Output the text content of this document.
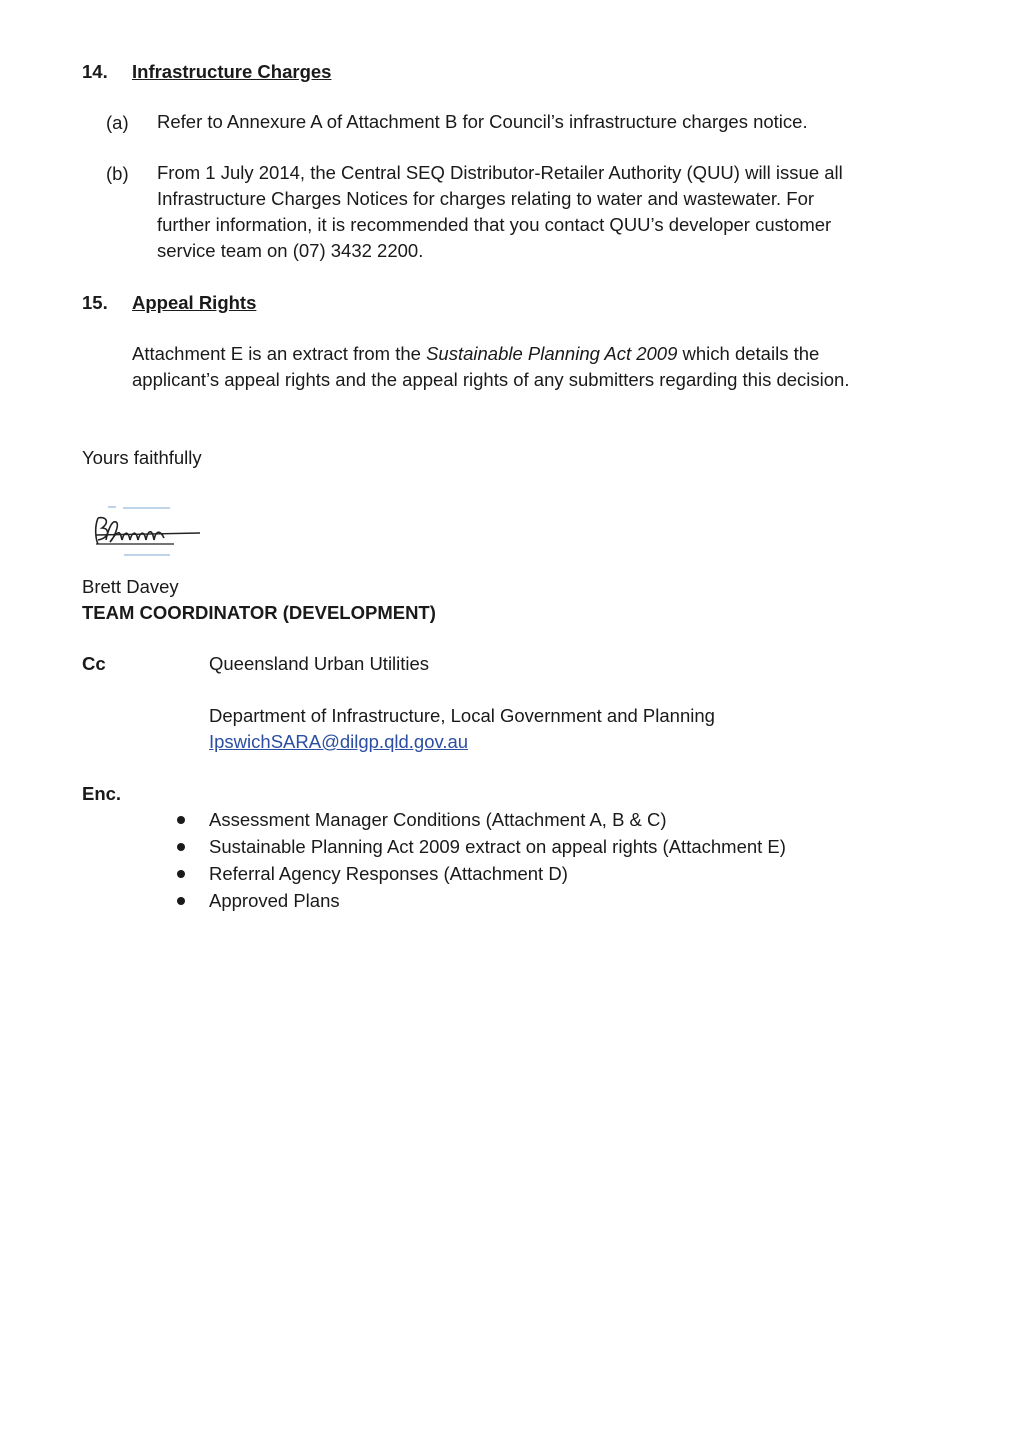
14. Infrastructure Charges
(a) Refer to Annexure A of Attachment B for Council’s infrastructure charges notice.
(b) From 1 July 2014, the Central SEQ Distributor-Retailer Authority (QUU) will issue all
Infrastructure Charges Notices for charges relating to water and wastewater. For
further information, it is recommended that you contact QUU’s developer customer
service team on (07) 3432 2200.
15. Appeal Rights
Attachment E is an extract from the Sustainable Planning Act 2009 which details the
applicant’s appeal rights and the appeal rights of any submitters regarding this decision.
Yours faithfully
Brett Davey
TEAM COORDINATOR (DEVELOPMENT)
Cc	Queensland Urban Utilities
Department of Infrastructure, Local Government and Planning
IpswichSARA@dilgp.qld.gov.au
Enc.
Assessment Manager Conditions (Attachment A, B & C)
Sustainable Planning Act 2009 extract on appeal rights (Attachment E)
Referral Agency Responses (Attachment D)
Approved Plans
